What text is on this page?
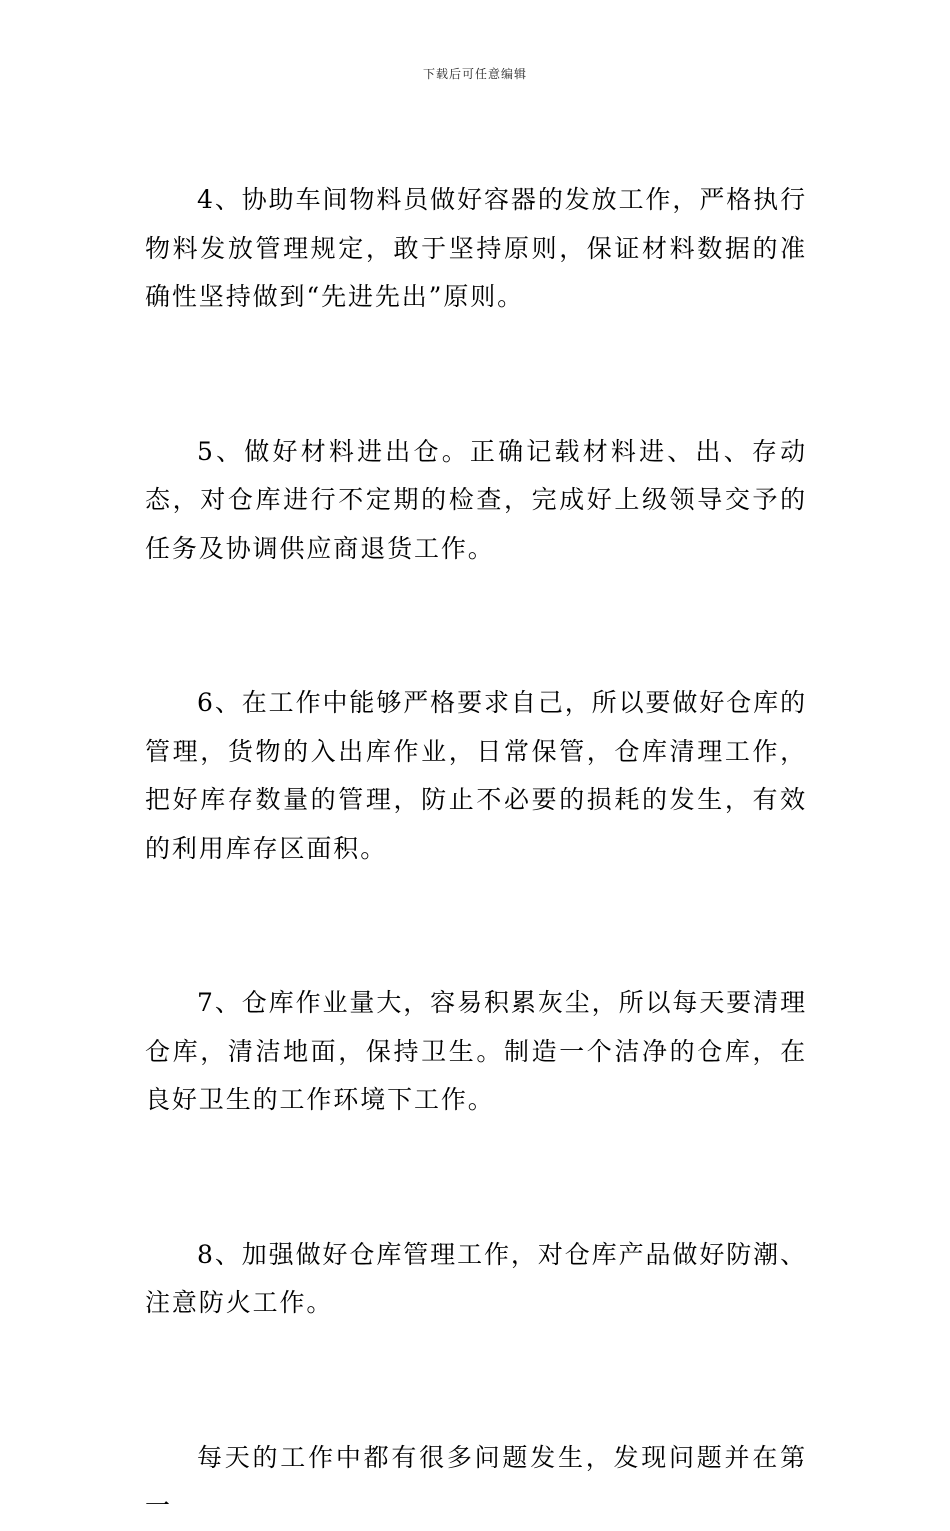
下载后可任意编辑

4、协助车间物料员做好容器的发放工作，严格执行物料发放管理规定，敢于坚持原则，保证材料数据的准确性坚持做到“先进先出”原则。

5、做好材料进出仓。正确记载材料进、出、存动态，对仓库进行不定期的检查，完成好上级领导交予的任务及协调供应商退货工作。

6、在工作中能够严格要求自己，所以要做好仓库的管理，货物的入出库作业，日常保管，仓库清理工作，把好库存数量的管理，防止不必要的损耗的发生，有效的利用库存区面积。

7、仓库作业量大，容易积累灰尘，所以每天要清理仓库，清洁地面，保持卫生。制造一个洁净的仓库，在良好卫生的工作环境下工作。

8、加强做好仓库管理工作，对仓库产品做好防潮、注意防火工作。

每天的工作中都有很多问题发生，发现问题并在第一
